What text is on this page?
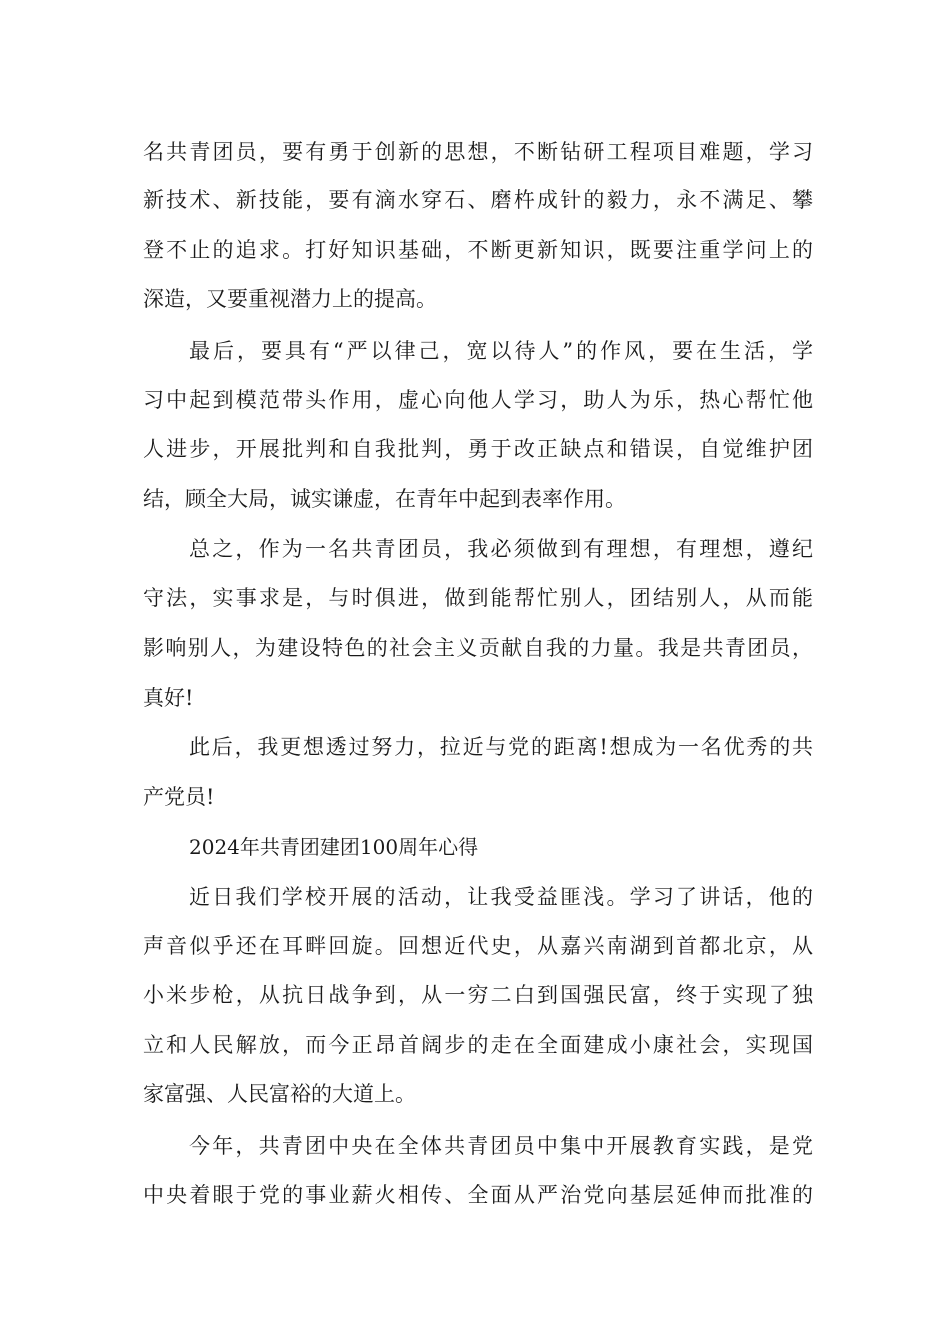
名共青团员，要有勇于创新的思想，不断钻研工程项目难题，学习
新技术、新技能，要有滴水穿石、磨杵成针的毅力，永不满足、攀
登不止的追求。打好知识基础，不断更新知识，既要注重学问上的
深造，又要重视潜力上的提高。
最后，要具有“严以律己，宽以待人”的作风，要在生活，学
习中起到模范带头作用，虚心向他人学习，助人为乐，热心帮忙他
人进步，开展批判和自我批判，勇于改正缺点和错误，自觉维护团
结，顾全大局，诚实谦虚，在青年中起到表率作用。
总之，作为一名共青团员，我必须做到有理想，有理想，遵纪
守法，实事求是，与时俱进，做到能帮忙别人，团结别人，从而能
影响别人，为建设特色的社会主义贡献自我的力量。我是共青团员，
真好!
此后，我更想透过努力，拉近与党的距离!想成为一名优秀的共
产党员!
2024年共青团建团100周年心得
近日我们学校开展的活动，让我受益匪浅。学习了讲话，他的
声音似乎还在耳畔回旋。回想近代史，从嘉兴南湖到首都北京，从
小米步枪，从抗日战争到，从一穷二白到国强民富，终于实现了独
立和人民解放，而今正昂首阔步的走在全面建成小康社会，实现国
家富强、人民富裕的大道上。
今年，共青团中央在全体共青团员中集中开展教育实践，是党
中央着眼于党的事业薪火相传、全面从严治党向基层延伸而批准的
